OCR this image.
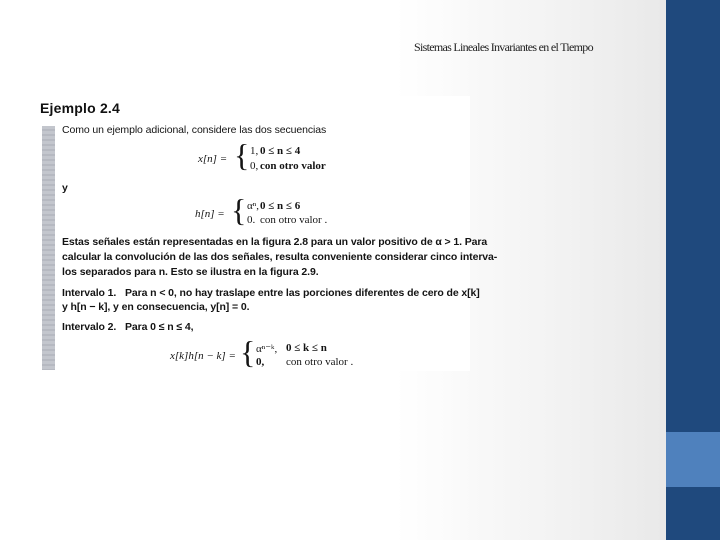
Sistemas Lineales Invariantes en el Tiempo
Ejemplo 2.4
Como un ejemplo adicional, considere las dos secuencias
x[n] = { 1, 0 ≤ n ≤ 4
0, con otro valor
y
h[n] = { αⁿ, 0 ≤ n ≤ 6
0. con otro valor .
Estas señales están representadas en la figura 2.8 para un valor positivo de α > 1. Para
calcular la convolución de las dos señales, resulta conveniente considerar cinco interva-
los separados para n. Esto se ilustra en la figura 2.9.
Intervalo 1. Para n < 0, no hay traslape entre las porciones diferentes de cero de x[k]
y h[n − k], y en consecuencia, y[n] = 0.
Intervalo 2. Para 0 ≤ n ≤ 4,
x[k]h[n − k] = { αⁿ⁻ᵏ, 0 ≤ k ≤ n
0, con otro valor .
